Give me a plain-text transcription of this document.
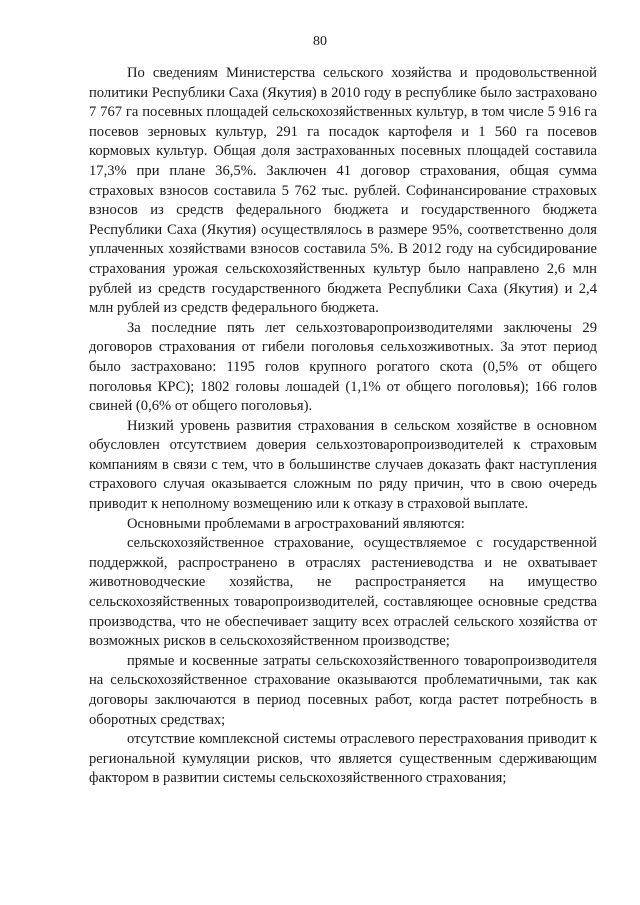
80

По сведениям Министерства сельского хозяйства и продовольственной политики Республики Саха (Якутия) в 2010 году в республике было застраховано 7 767 га посевных площадей сельскохозяйственных культур, в том числе 5 916 га посевов зерновых культур, 291 га посадок картофеля и 1 560 га посевов кормовых культур. Общая доля застрахованных посевных площадей составила 17,3% при плане 36,5%. Заключен 41 договор страхования, общая сумма страховых взносов составила 5 762 тыс. рублей. Софинансирование страховых взносов из средств федерального бюджета и государственного бюджета Республики Саха (Якутия) осуществлялось в размере 95%, соответственно доля уплаченных хозяйствами взносов составила 5%. В 2012 году на субсидирование страхования урожая сельскохозяйственных культур было направлено 2,6 млн рублей из средств государственного бюджета Республики Саха (Якутия) и 2,4 млн рублей из средств федерального бюджета.

За последние пять лет сельхозтоваропроизводителями заключены 29 договоров страхования от гибели поголовья сельхозживотных. За этот период было застраховано: 1195 голов крупного рогатого скота (0,5% от общего поголовья КРС); 1802 головы лошадей (1,1% от общего поголовья); 166 голов свиней (0,6% от общего поголовья).

Низкий уровень развития страхования в сельском хозяйстве в основном обусловлен отсутствием доверия сельхозтоваропроизводителей к страховым компаниям в связи с тем, что в большинстве случаев доказать факт наступления страхового случая оказывается сложным по ряду причин, что в свою очередь приводит к неполному возмещению или к отказу в страховой выплате.

Основными проблемами в агрострахований являются:

сельскохозяйственное страхование, осуществляемое с государственной поддержкой, распространено в отраслях растениеводства и не охватывает животноводческие хозяйства, не распространяется на имущество сельскохозяйственных товаропроизводителей, составляющее основные средства производства, что не обеспечивает защиту всех отраслей сельского хозяйства от возможных рисков в сельскохозяйственном производстве;

прямые и косвенные затраты сельскохозяйственного товаропроизводителя на сельскохозяйственное страхование оказываются проблематичными, так как договоры заключаются в период посевных работ, когда растет потребность в оборотных средствах;

отсутствие комплексной системы отраслевого перестрахования приводит к региональной кумуляции рисков, что является существенным сдерживающим фактором в развитии системы сельскохозяйственного страхования;
